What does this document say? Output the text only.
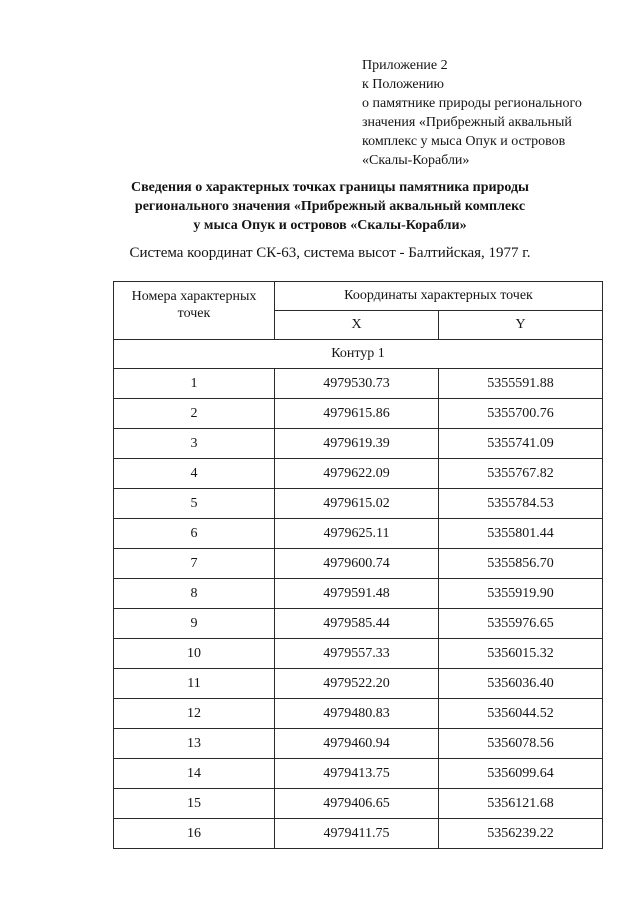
Приложение 2
к Положению
о памятнике природы регионального
значения «Прибрежный аквальный
комплекс у мыса Опук и островов
«Скалы-Корабли»
Сведения о характерных точках границы памятника природы
регионального значения «Прибрежный аквальный комплекс
у мыса Опук и островов «Скалы-Корабли»
Система координат СК-63, система высот - Балтийская, 1977 г.
Номера характерных точек	Координаты характерных точек	
	X	Y
Контур 1		
1	4979530.73	5355591.88
2	4979615.86	5355700.76
3	4979619.39	5355741.09
4	4979622.09	5355767.82
5	4979615.02	5355784.53
6	4979625.11	5355801.44
7	4979600.74	5355856.70
8	4979591.48	5355919.90
9	4979585.44	5355976.65
10	4979557.33	5356015.32
11	4979522.20	5356036.40
12	4979480.83	5356044.52
13	4979460.94	5356078.56
14	4979413.75	5356099.64
15	4979406.65	5356121.68
16	4979411.75	5356239.22
